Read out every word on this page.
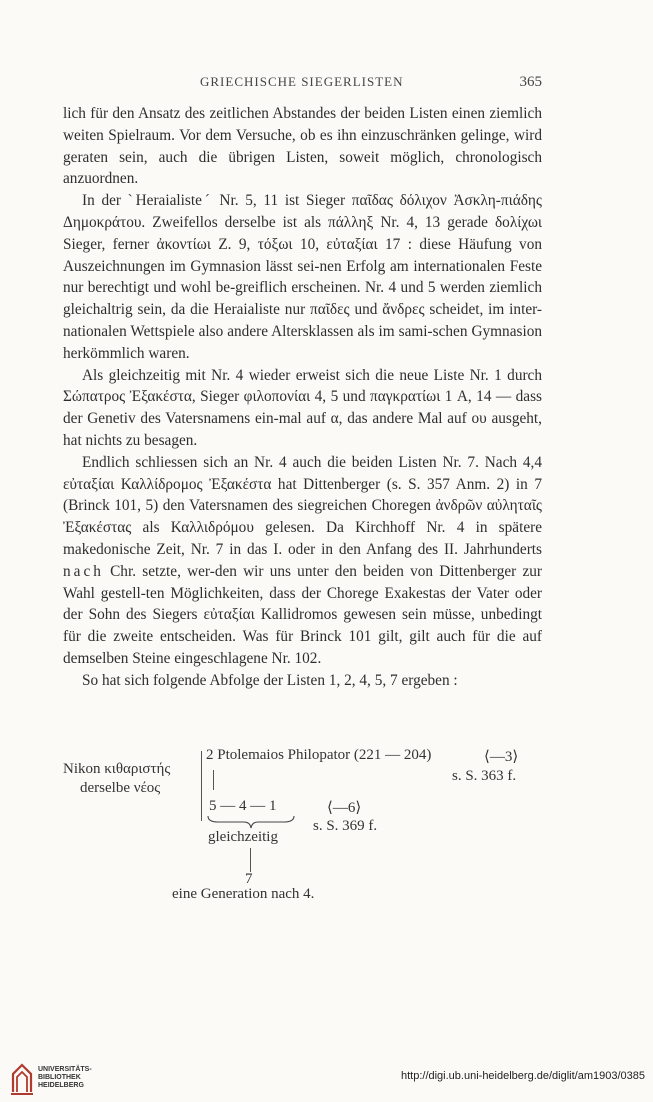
GRIECHISCHE SIEGERLISTEN	365

lich für den Ansatz des zeitlichen Abstandes der beiden Listen einen ziemlich weiten Spielraum. Vor dem Versuche, ob es ihn einzuschränken gelinge, wird geraten sein, auch die übrigen Listen, soweit möglich, chronologisch anzuordnen.

In der ˋHeraialisteˊ Nr. 5, 11 ist Sieger παῖδας δόλιχον Ἀσκλη-πιάδης Δημοκράτου. Zweifellos derselbe ist als πάλληξ Nr. 4, 13 gerade δολίχωι Sieger, ferner ἀκοντίωι Z. 9, τόξωι 10, εὐταξίαι 17 : diese Häufung von Auszeichnungen im Gymnasion lässt sei-nen Erfolg am internationalen Feste nur berechtigt und wohl be-greiflich erscheinen. Nr. 4 und 5 werden ziemlich gleichaltrig sein, da die Heraialiste nur παῖδες und ἄνδρες scheidet, im inter-nationalen Wettspiele also andere Altersklassen als im sami-schen Gymnasion herkömmlich waren.

Als gleichzeitig mit Nr. 4 wieder erweist sich die neue Liste Nr. 1 durch Σώπατρος Ἐξακέστα, Sieger φιλοπονίαι 4, 5 und παγκρατίωι 1 A, 14 — dass der Genetiv des Vatersnamens ein-mal auf α, das andere Mal auf ου ausgeht, hat nichts zu besagen.

Endlich schliessen sich an Nr. 4 auch die beiden Listen Nr. 7. Nach 4,4 εὐταξίαι Καλλίδρομος Ἐξακέστα hat Dittenberger (s. S. 357 Anm. 2) in 7 (Brinck 101, 5) den Vatersnamen des siegreichen Choregen ἀνδρῶν αὐληταῖς Ἐξακέστας als Καλλιδρόμου gelesen. Da Kirchhoff Nr. 4 in spätere makedonische Zeit, Nr. 7 in das I. oder in den Anfang des II. Jahrhunderts nach Chr. setzte, wer-den wir uns unter den beiden von Dittenberger zur Wahl gestell-ten Möglichkeiten, dass der Chorege Exakestas der Vater oder der Sohn des Siegers εὐταξίαι Kallidromos gewesen sein müsse, unbedingt für die zweite entscheiden. Was für Brinck 101 gilt, gilt auch für die auf demselben Steine eingeschlagene Nr. 102.

So hat sich folgende Abfolge der Listen 1, 2, 4, 5, 7 ergeben :

Nikon κιθαριστής
derselbe νέος
2 Ptolemaios Philopator (221 — 204)	⟨—3⟩
s. S. 363 f.
5 — 4 — 1	⟨—6⟩
s. S. 369 f.
gleichzeitig
7
eine Generation nach 4.
UNIVERSITÄTS-
BIBLIOTHEK
HEIDELBERG
http://digi.ub.uni-heidelberg.de/diglit/am1903/0385
